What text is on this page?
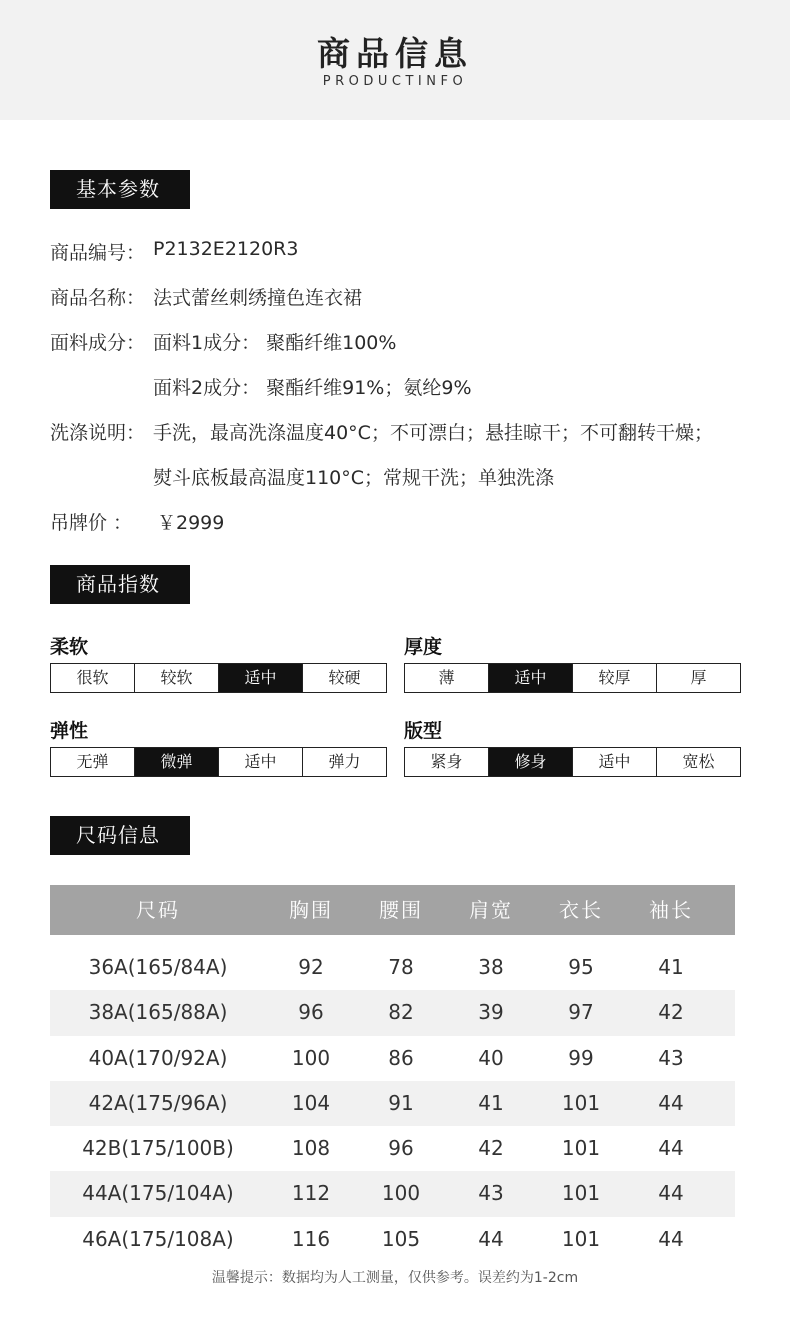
商品信息
PRODUCTINFO
基本参数
商品编号： P2132E2120R3
商品名称： 法式蕾丝刺绣撞色连衣裙
面料成分： 面料1成分： 聚酯纤维100%
面料2成分： 聚酯纤维91%；氨纶9%
洗涤说明： 手洗，最高洗涤温度40°C；不可漂白；悬挂晾干；不可翻转干燥；
熨斗底板最高温度110°C；常规干洗；单独洗涤
吊牌价 ： ￥2999
商品指数
柔软
很软	较软	适中	较硬
厚度
薄	适中	较厚	厚
弹性
无弹	微弹	适中	弹力
版型
紧身	修身	适中	宽松
尺码信息
尺码	胸围	腰围	肩宽	衣长	袖长
36A(165/84A)	92	78	38	95	41
38A(165/88A)	96	82	39	97	42
40A(170/92A)	100	86	40	99	43
42A(175/96A)	104	91	41	101	44
42B(175/100B)	108	96	42	101	44
44A(175/104A)	112	100	43	101	44
46A(175/108A)	116	105	44	101	44
温馨提示：数据均为人工测量，仅供参考。误差约为1-2cm
